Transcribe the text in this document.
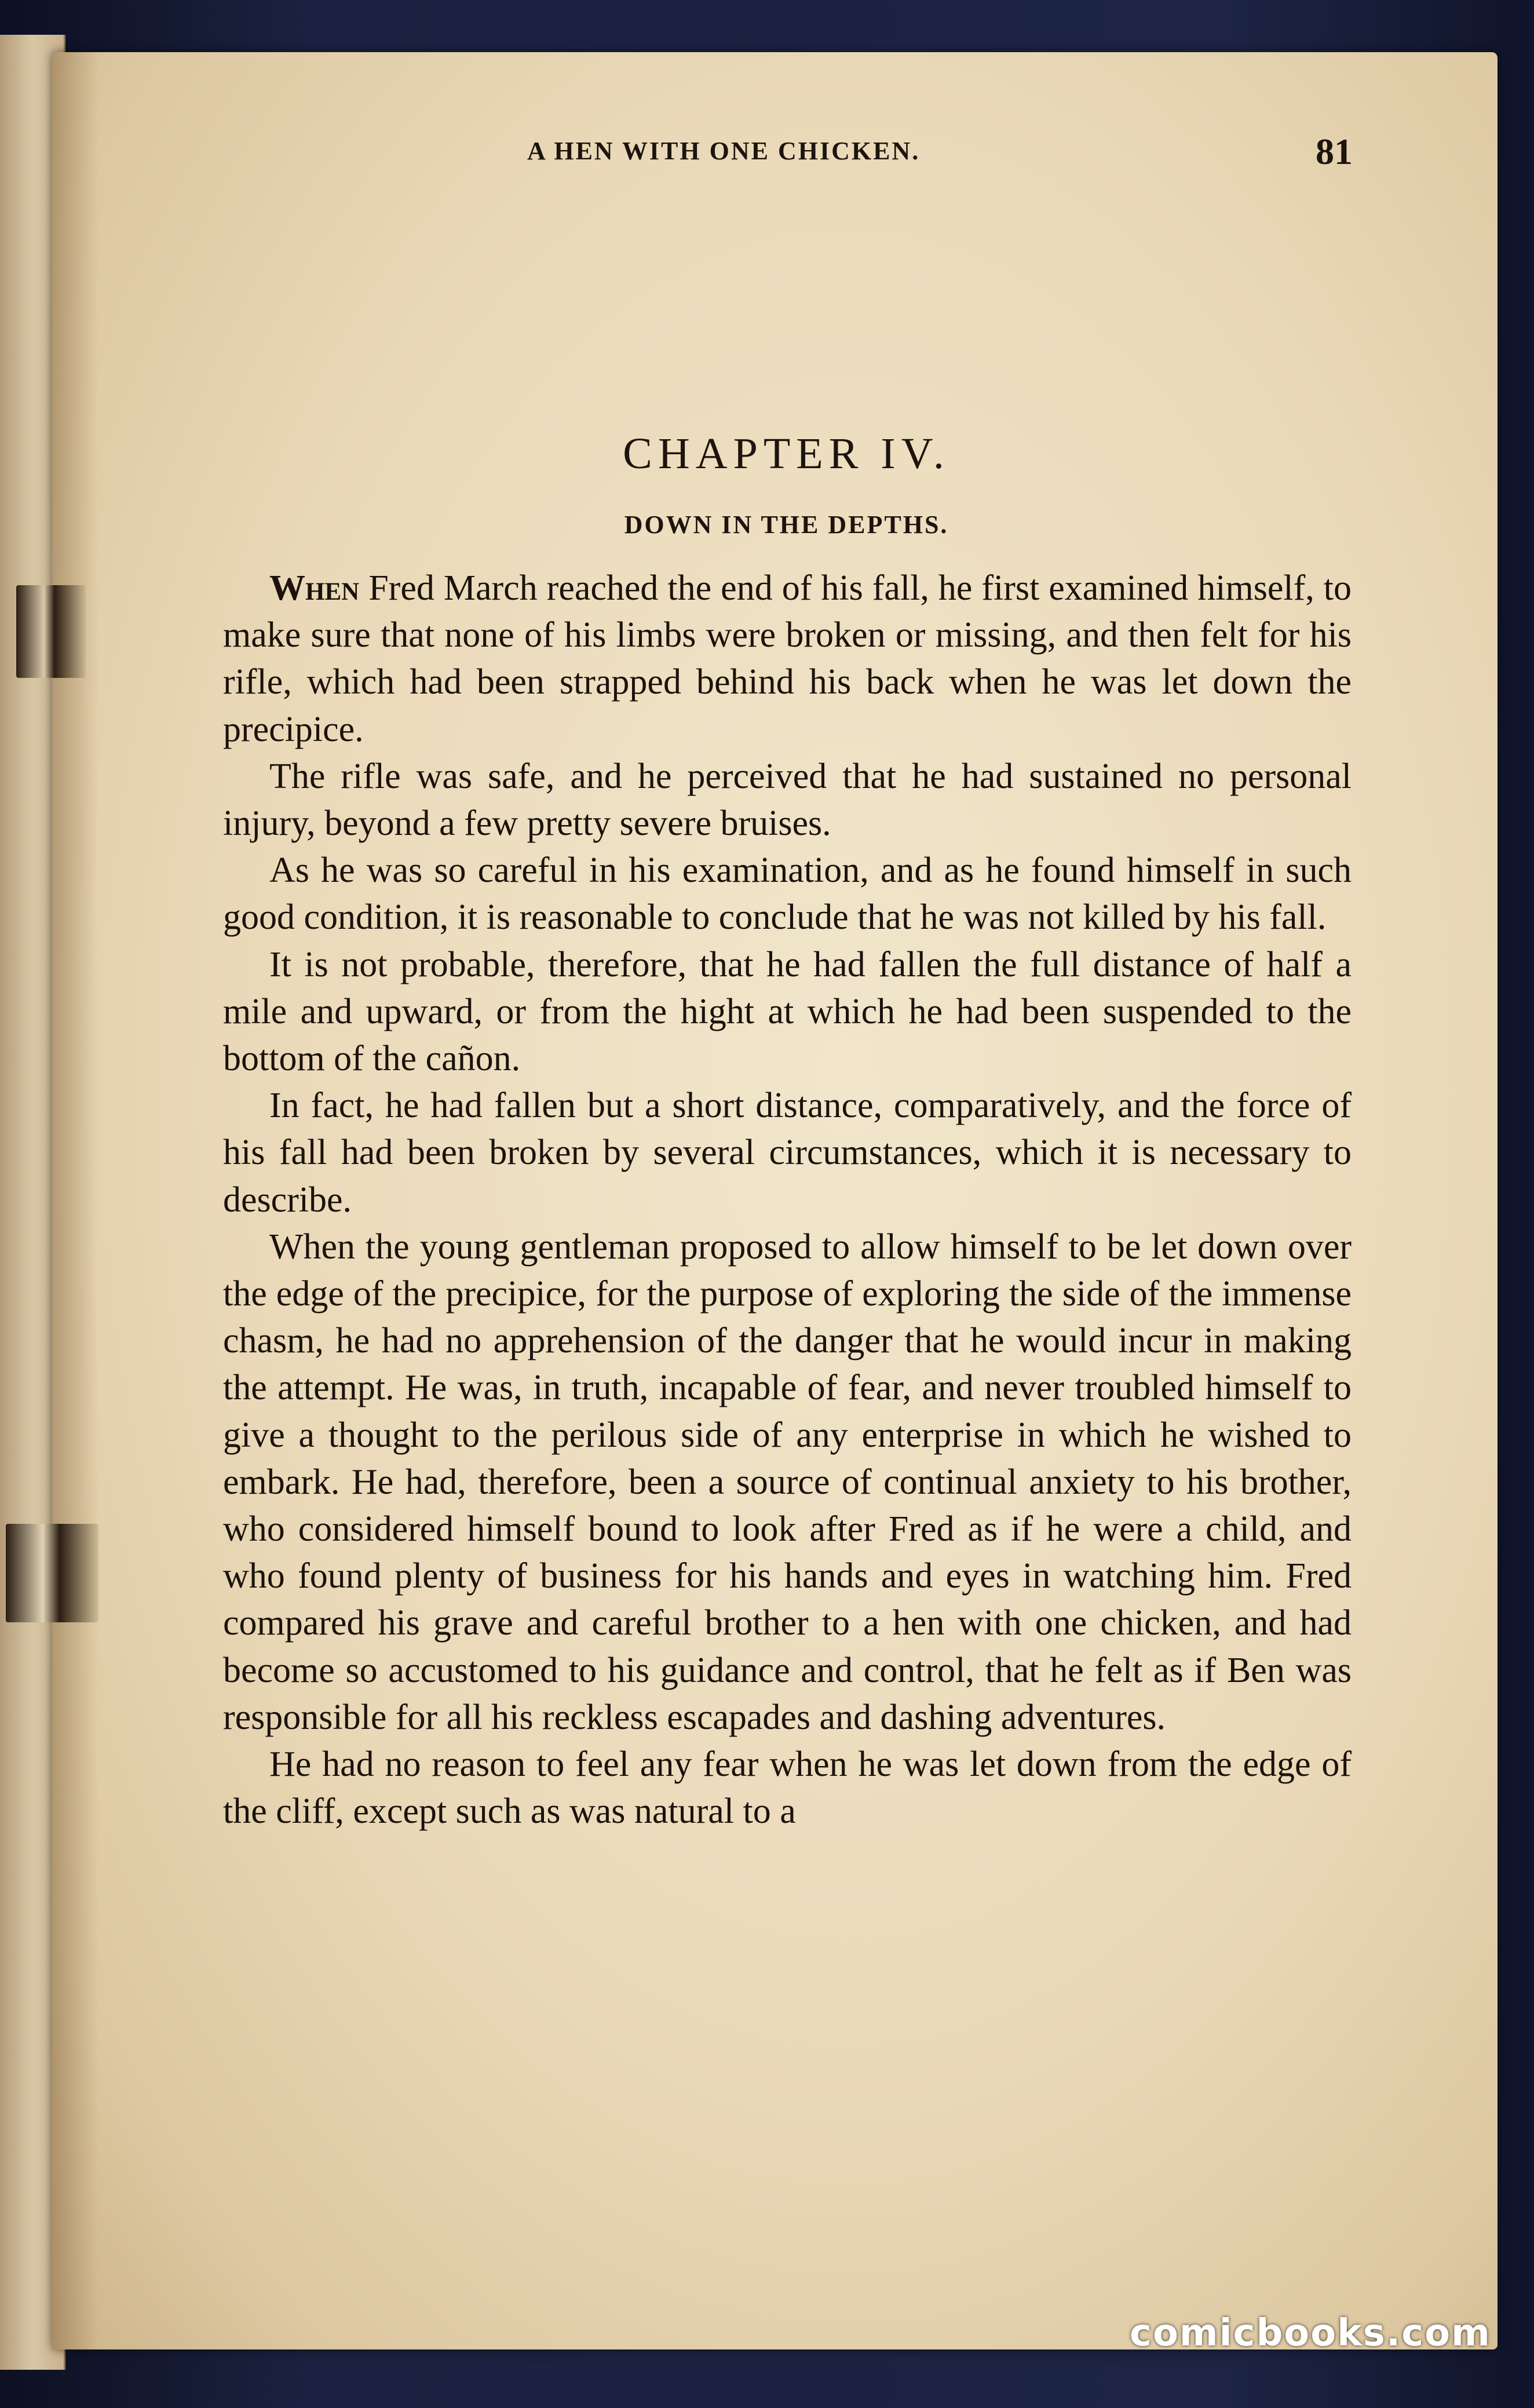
A HEN WITH ONE CHICKEN.	81
CHAPTER IV.
DOWN IN THE DEPTHS.

When Fred March reached the end of his fall, he first examined himself, to make sure that none of his limbs were broken or missing, and then felt for his rifle, which had been strapped behind his back when he was let down the precipice.

The rifle was safe, and he perceived that he had sustained no personal injury, beyond a few pretty severe bruises.

As he was so careful in his examination, and as he found himself in such good condition, it is reasonable to conclude that he was not killed by his fall.

It is not probable, therefore, that he had fallen the full distance of half a mile and upward, or from the hight at which he had been suspended to the bottom of the cañon.

In fact, he had fallen but a short distance, comparatively, and the force of his fall had been broken by several circumstances, which it is necessary to describe.

When the young gentleman proposed to allow himself to be let down over the edge of the precipice, for the purpose of exploring the side of the immense chasm, he had no apprehension of the danger that he would incur in making the attempt. He was, in truth, incapable of fear, and never troubled himself to give a thought to the perilous side of any enterprise in which he wished to embark. He had, therefore, been a source of continual anxiety to his brother, who considered himself bound to look after Fred as if he were a child, and who found plenty of business for his hands and eyes in watching him. Fred compared his grave and careful brother to a hen with one chicken, and had become so accustomed to his guidance and control, that he felt as if Ben was responsible for all his reckless escapades and dashing adventures.

He had no reason to feel any fear when he was let down from the edge of the cliff, except such as was natural to a

comicbooks.com
